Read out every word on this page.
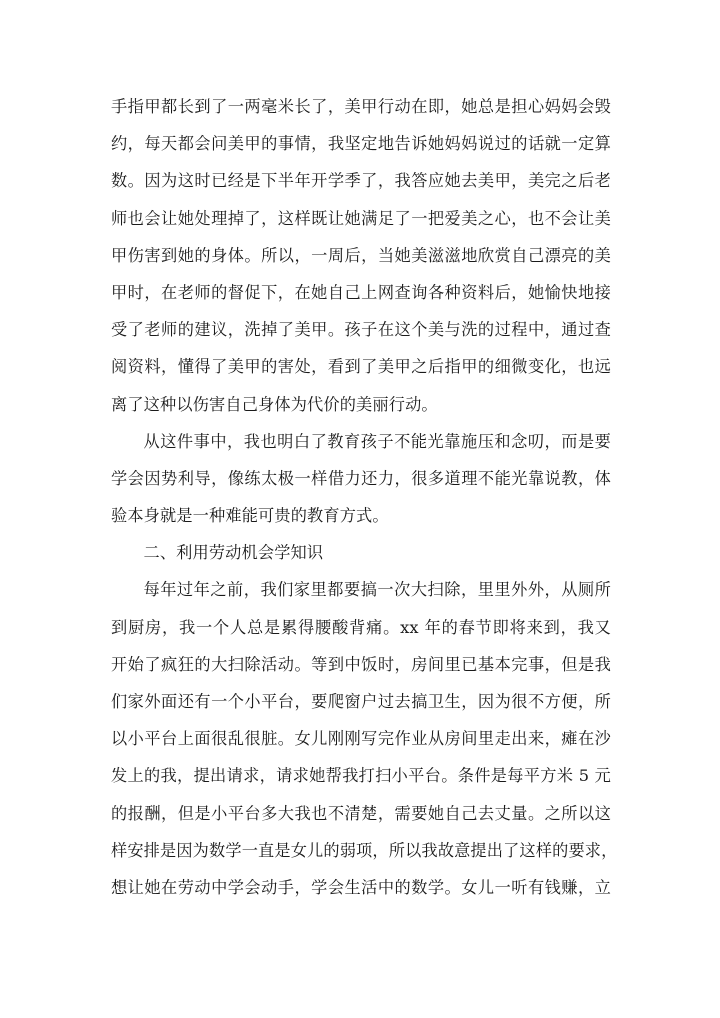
手指甲都长到了一两毫米长了，美甲行动在即，她总是担心妈妈会毁
约，每天都会问美甲的事情，我坚定地告诉她妈妈说过的话就一定算
数。因为这时已经是下半年开学季了，我答应她去美甲，美完之后老
师也会让她处理掉了，这样既让她满足了一把爱美之心，也不会让美
甲伤害到她的身体。所以，一周后，当她美滋滋地欣赏自己漂亮的美
甲时，在老师的督促下，在她自己上网查询各种资料后，她愉快地接
受了老师的建议，洗掉了美甲。孩子在这个美与洗的过程中，通过查
阅资料，懂得了美甲的害处，看到了美甲之后指甲的细微变化，也远
离了这种以伤害自己身体为代价的美丽行动。
从这件事中，我也明白了教育孩子不能光靠施压和念叨，而是要
学会因势利导，像练太极一样借力还力，很多道理不能光靠说教，体
验本身就是一种难能可贵的教育方式。
二、利用劳动机会学知识
每年过年之前，我们家里都要搞一次大扫除，里里外外，从厕所
到厨房，我一个人总是累得腰酸背痛。xx 年的春节即将来到，我又
开始了疯狂的大扫除活动。等到中饭时，房间里已基本完事，但是我
们家外面还有一个小平台，要爬窗户过去搞卫生，因为很不方便，所
以小平台上面很乱很脏。女儿刚刚写完作业从房间里走出来，瘫在沙
发上的我，提出请求，请求她帮我打扫小平台。条件是每平方米 5 元
的报酬，但是小平台多大我也不清楚，需要她自己去丈量。之所以这
样安排是因为数学一直是女儿的弱项，所以我故意提出了这样的要求，
想让她在劳动中学会动手，学会生活中的数学。女儿一听有钱赚，立
